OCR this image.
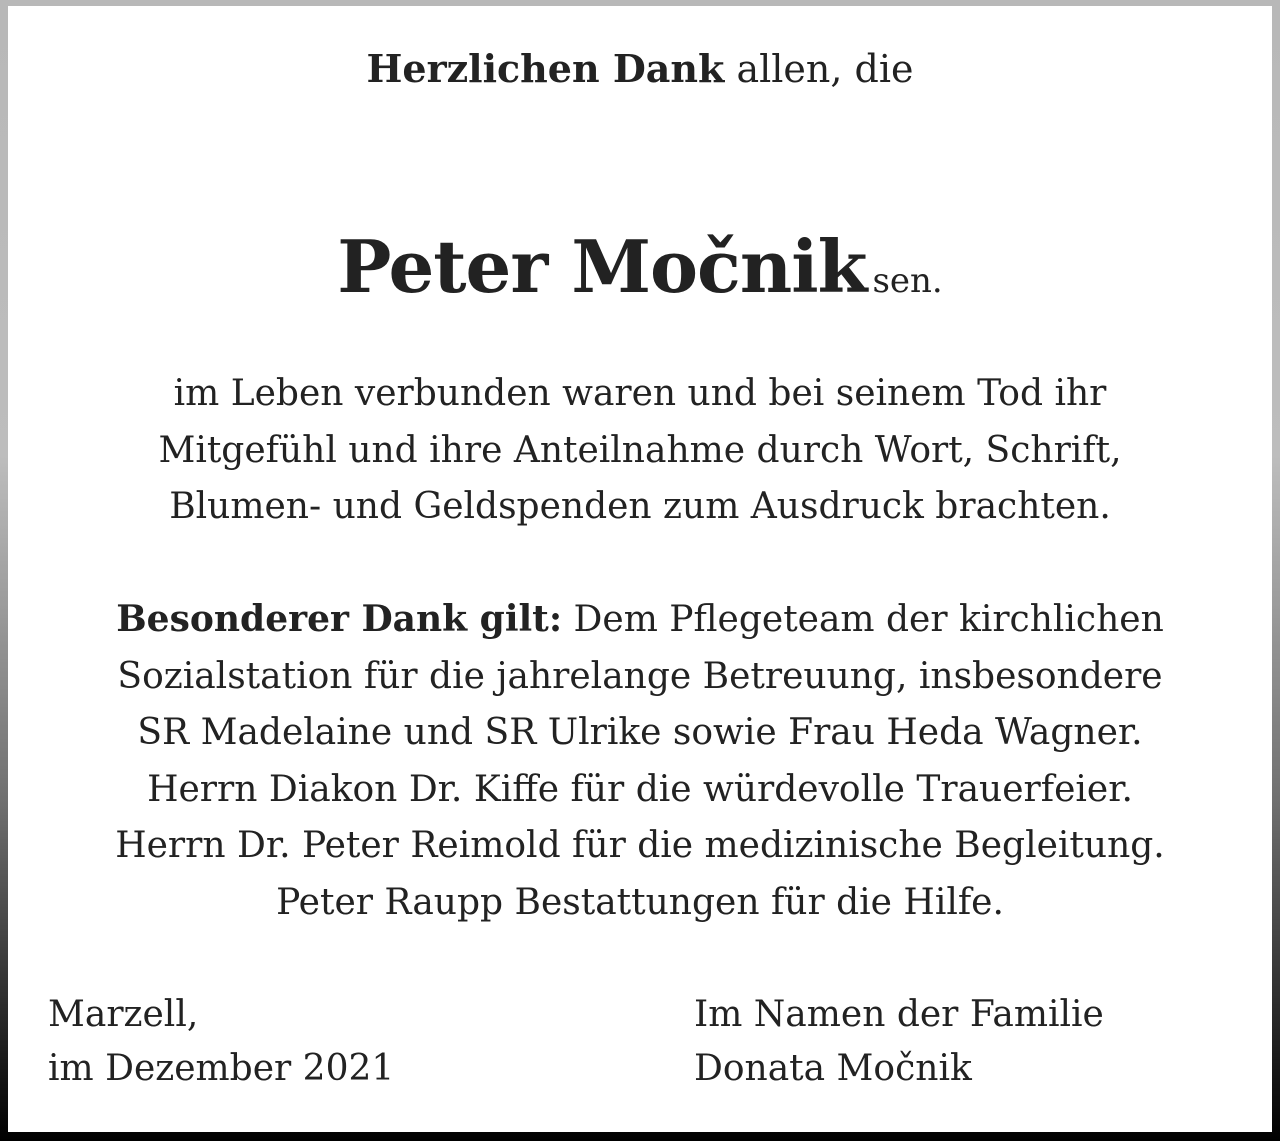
Herzlichen Dank allen, die
Peter Močnik sen.
im Leben verbunden waren und bei seinem Tod ihr
Mitgefühl und ihre Anteilnahme durch Wort, Schrift,
Blumen- und Geldspenden zum Ausdruck brachten.
Besonderer Dank gilt: Dem Pflegeteam der kirchlichen
Sozialstation für die jahrelange Betreuung, insbesondere
SR Madelaine und SR Ulrike sowie Frau Heda Wagner.
Herrn Diakon Dr. Kiffe für die würdevolle Trauerfeier.
Herrn Dr. Peter Reimold für die medizinische Begleitung.
Peter Raupp Bestattungen für die Hilfe.
Marzell,
im Dezember 2021
Im Namen der Familie
Donata Močnik
